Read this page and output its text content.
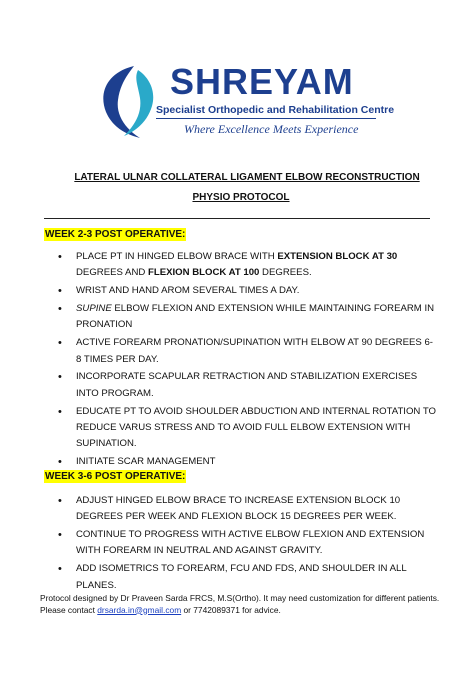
SHREYAM
Specialist Orthopedic and Rehabilitation Centre
Where Excellence Meets Experience
LATERAL ULNAR COLLATERAL LIGAMENT ELBOW RECONSTRUCTION
PHYSIO PROTOCOL
WEEK 2-3 POST OPERATIVE:
• PLACE PT IN HINGED ELBOW BRACE WITH EXTENSION BLOCK AT 30 DEGREES AND FLEXION BLOCK AT 100 DEGREES.
• WRIST AND HAND AROM SEVERAL TIMES A DAY.
• SUPINE ELBOW FLEXION AND EXTENSION WHILE MAINTAINING FOREARM IN PRONATION
• ACTIVE FOREARM PRONATION/SUPINATION WITH ELBOW AT 90 DEGREES 6-8 TIMES PER DAY.
• INCORPORATE SCAPULAR RETRACTION AND STABILIZATION EXERCISES INTO PROGRAM.
• EDUCATE PT TO AVOID SHOULDER ABDUCTION AND INTERNAL ROTATION TO REDUCE VARUS STRESS AND TO AVOID FULL ELBOW EXTENSION WITH SUPINATION.
• INITIATE SCAR MANAGEMENT
WEEK 3-6 POST OPERATIVE:
• ADJUST HINGED ELBOW BRACE TO INCREASE EXTENSION BLOCK 10 DEGREES PER WEEK AND FLEXION BLOCK 15 DEGREES PER WEEK.
• CONTINUE TO PROGRESS WITH ACTIVE ELBOW FLEXION AND EXTENSION WITH FOREARM IN NEUTRAL AND AGAINST GRAVITY.
• ADD ISOMETRICS TO FOREARM, FCU AND FDS, AND SHOULDER IN ALL PLANES.
Protocol designed by Dr Praveen Sarda FRCS, M.S(Ortho). It may need customization for different patients.
Please contact drsarda.in@gmail.com or 7742089371 for advice.
